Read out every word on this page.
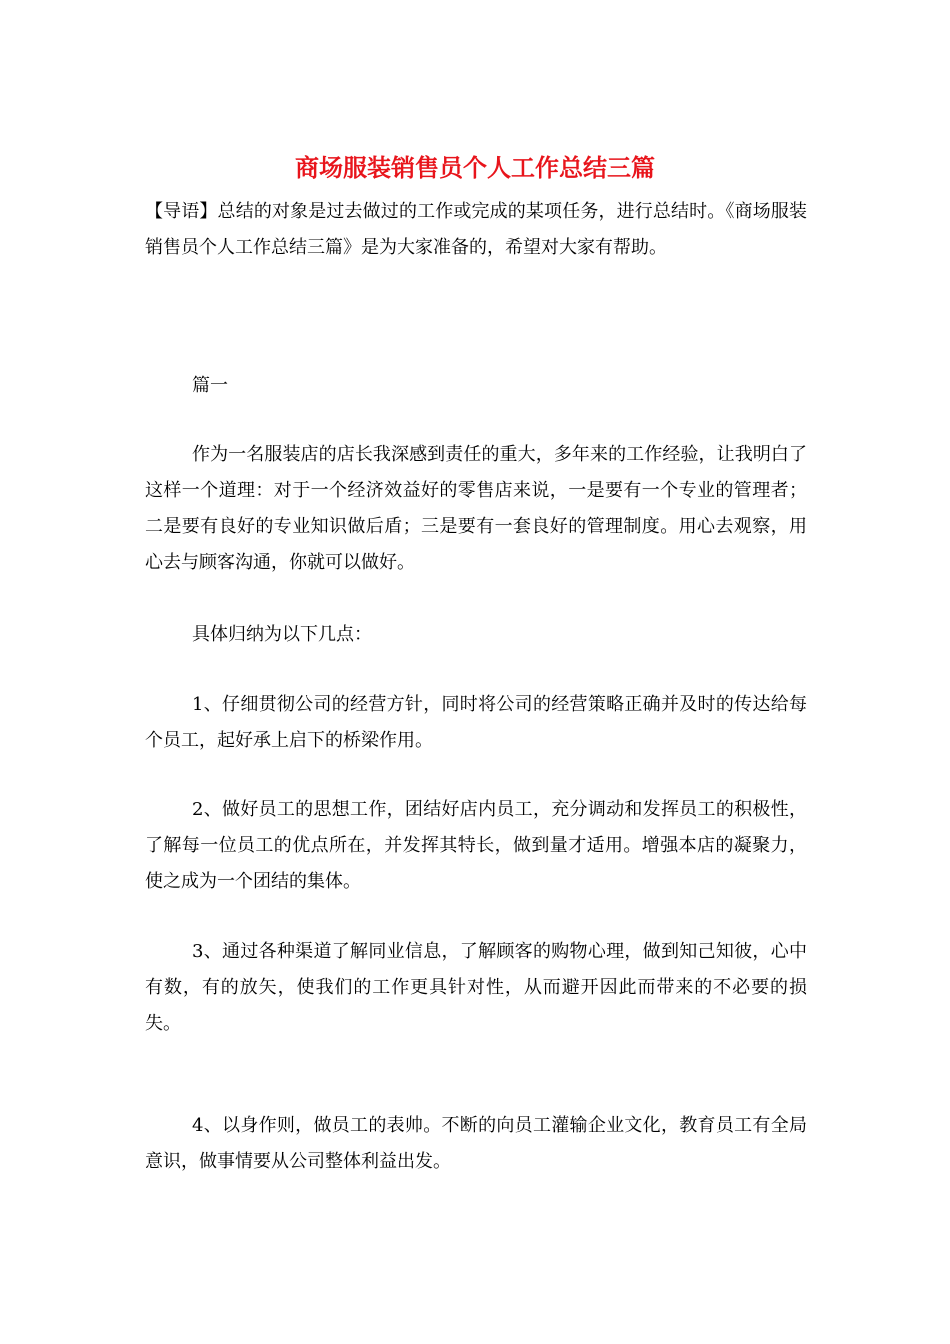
商场服装销售员个人工作总结三篇

【导语】总结的对象是过去做过的工作或完成的某项任务，进行总结时。《商场服装销售员个人工作总结三篇》是为大家准备的，希望对大家有帮助。

篇一

作为一名服装店的店长我深感到责任的重大，多年来的工作经验，让我明白了这样一个道理：对于一个经济效益好的零售店来说，一是要有一个专业的管理者；二是要有良好的专业知识做后盾；三是要有一套良好的管理制度。用心去观察，用心去与顾客沟通，你就可以做好。

具体归纳为以下几点：

1、仔细贯彻公司的经营方针，同时将公司的经营策略正确并及时的传达给每个员工，起好承上启下的桥梁作用。

2、做好员工的思想工作，团结好店内员工，充分调动和发挥员工的积极性，了解每一位员工的优点所在，并发挥其特长，做到量才适用。增强本店的凝聚力，使之成为一个团结的集体。

3、通过各种渠道了解同业信息，了解顾客的购物心理，做到知己知彼，心中有数，有的放矢，使我们的工作更具针对性，从而避开因此而带来的不必要的损失。

4、以身作则，做员工的表帅。不断的向员工灌输企业文化，教育员工有全局意识，做事情要从公司整体利益出发。
